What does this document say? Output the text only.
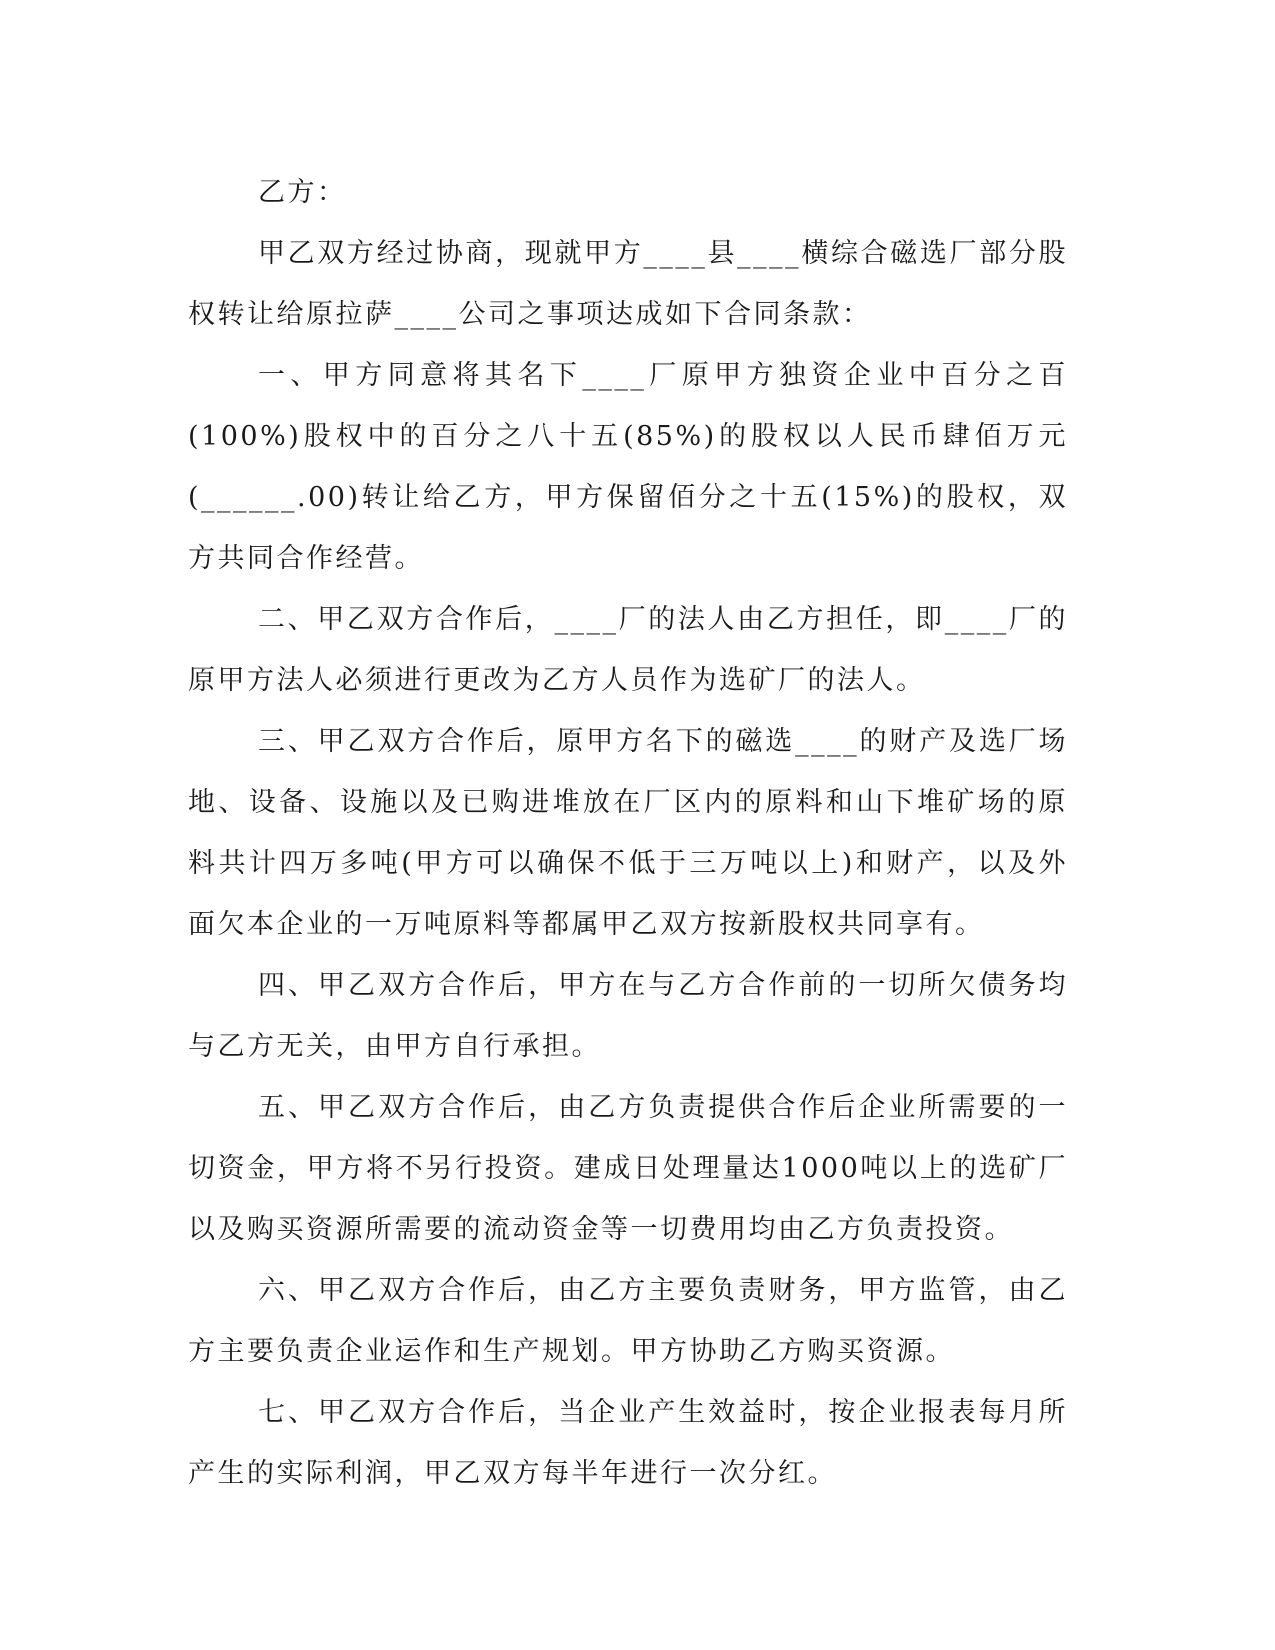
乙方：

甲乙双方经过协商，现就甲方____县____横综合磁选厂部分股权转让给原拉萨____公司之事项达成如下合同条款：

一、甲方同意将其名下____厂原甲方独资企业中百分之百(100%)股权中的百分之八十五(85%)的股权以人民币肆佰万元(______.00)转让给乙方，甲方保留佰分之十五(15%)的股权，双方共同合作经营。

二、甲乙双方合作后，____厂的法人由乙方担任，即____厂的原甲方法人必须进行更改为乙方人员作为选矿厂的法人。

三、甲乙双方合作后，原甲方名下的磁选____的财产及选厂场地、设备、设施以及已购进堆放在厂区内的原料和山下堆矿场的原料共计四万多吨(甲方可以确保不低于三万吨以上)和财产，以及外面欠本企业的一万吨原料等都属甲乙双方按新股权共同享有。

四、甲乙双方合作后，甲方在与乙方合作前的一切所欠债务均与乙方无关，由甲方自行承担。

五、甲乙双方合作后，由乙方负责提供合作后企业所需要的一切资金，甲方将不另行投资。建成日处理量达1000吨以上的选矿厂以及购买资源所需要的流动资金等一切费用均由乙方负责投资。

六、甲乙双方合作后，由乙方主要负责财务，甲方监管，由乙方主要负责企业运作和生产规划。甲方协助乙方购买资源。

七、甲乙双方合作后，当企业产生效益时，按企业报表每月所产生的实际利润，甲乙双方每半年进行一次分红。
